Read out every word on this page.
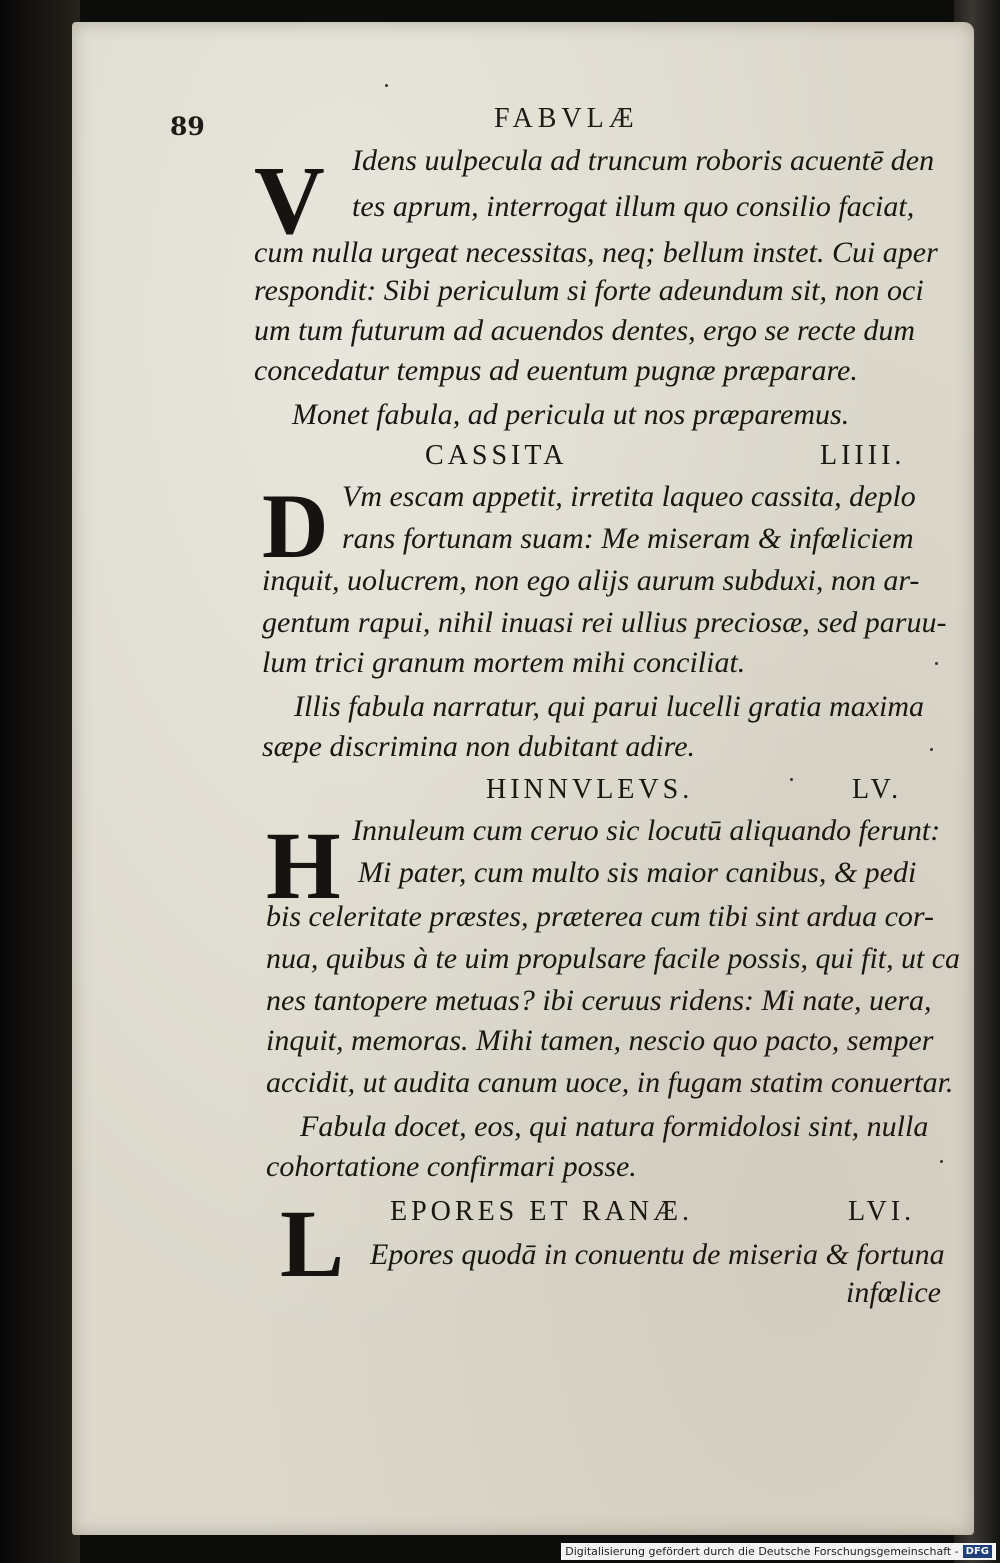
89	FABVLÆ
V Idens uulpecula ad truncum roboris acuentē den
tes aprum, interrogat illum quo consilio faciat,
cum nulla urgeat necessitas, neq; bellum instet. Cui aper
respondit: Sibi periculum si forte adeundum sit, non oci
um tum futurum ad acuendos dentes, ergo se recte dum
concedatur tempus ad euentum pugnæ præparare.
Monet fabula, ad pericula ut nos præparemus.
CASSITA	LIIII.
D Vm escam appetit, irretita laqueo cassita, deplo
rans fortunam suam: Me miseram & infœliciem
inquit, uolucrem, non ego alijs aurum subduxi, non ar-
gentum rapui, nihil inuasi rei ullius preciosæ, sed paruu-
lum trici granum mortem mihi conciliat.
Illis fabula narratur, qui parui lucelli gratia maxima
sæpe discrimina non dubitant adire.
HINNVLEVS.	LV.
H Innuleum cum ceruo sic locutū aliquando ferunt:
Mi pater, cum multo sis maior canibus, & pedi
bis celeritate præstes, præterea cum tibi sint ardua cor-
nua, quibus à te uim propulsare facile possis, qui fit, ut ca
nes tantopere metuas? ibi ceruus ridens: Mi nate, uera,
inquit, memoras. Mihi tamen, nescio quo pacto, semper
accidit, ut audita canum uoce, in fugam statim conuertar.
Fabula docet, eos, qui natura formidolosi sint, nulla
cohortatione confirmari posse.
L EPORES ET RANÆ.	LVI.
Epores quodā in conuentu de miseria & fortuna
infœlice
Digitalisierung gefördert durch die Deutsche Forschungsgemeinschaft - DFG
